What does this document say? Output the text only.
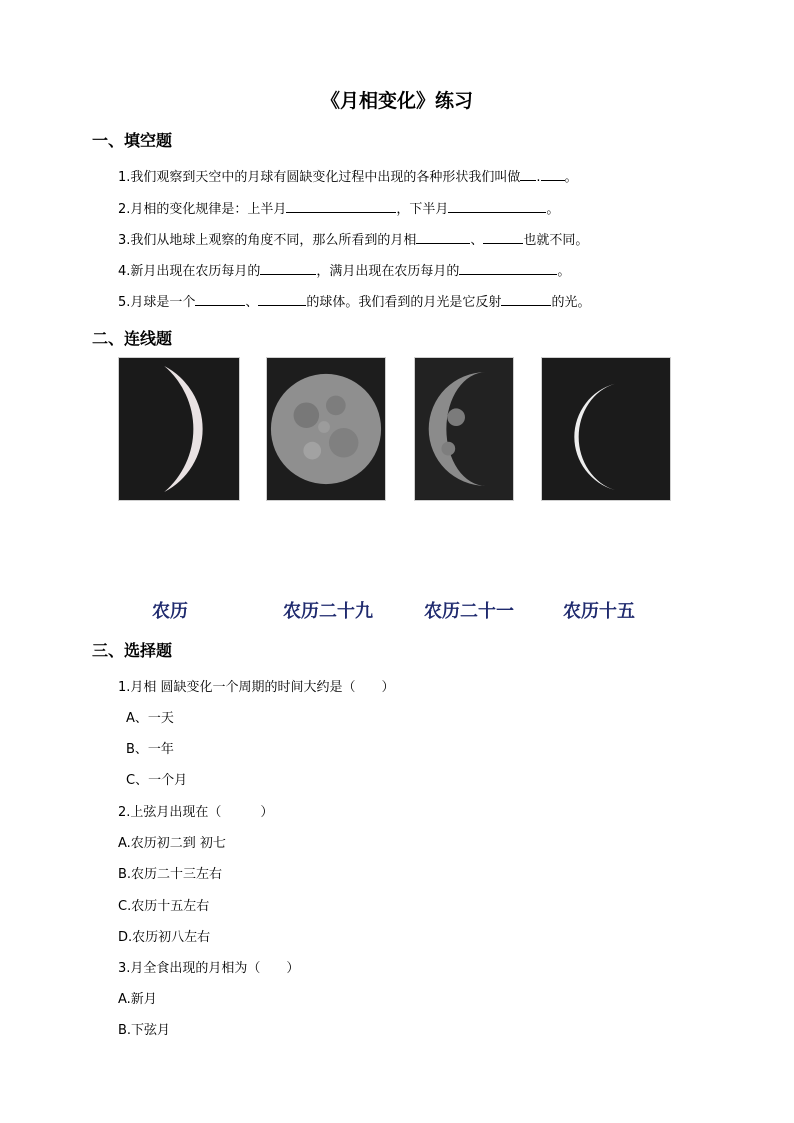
《月相变化》练习
一、填空题
1.我们观察到天空中的月球有圆缺变化过程中出现的各种形状我们叫做 . 。
2.月相的变化规律是：上半月	，下半月	。
3.我们从地球上观察的角度不同，那么所看到的月相	、	也就不同。
4.新月出现在农历每月的	，满月出现在农历每月的	。
5.月球是一个	、	的球体。我们看到的月光是它反射	的光。
二、连线题
农历	农历二十九	农历二十一	农历十五
三、选择题
1.月相 圆缺变化一个周期的时间大约是（　　）
A、一天
B、一年
C、一个月
2.上弦月出现在（　　　）
A.农历初二到 初七
B.农历二十三左右
C.农历十五左右
D.农历初八左右
3.月全食出现的月相为（　　）
A.新月
B.下弦月
